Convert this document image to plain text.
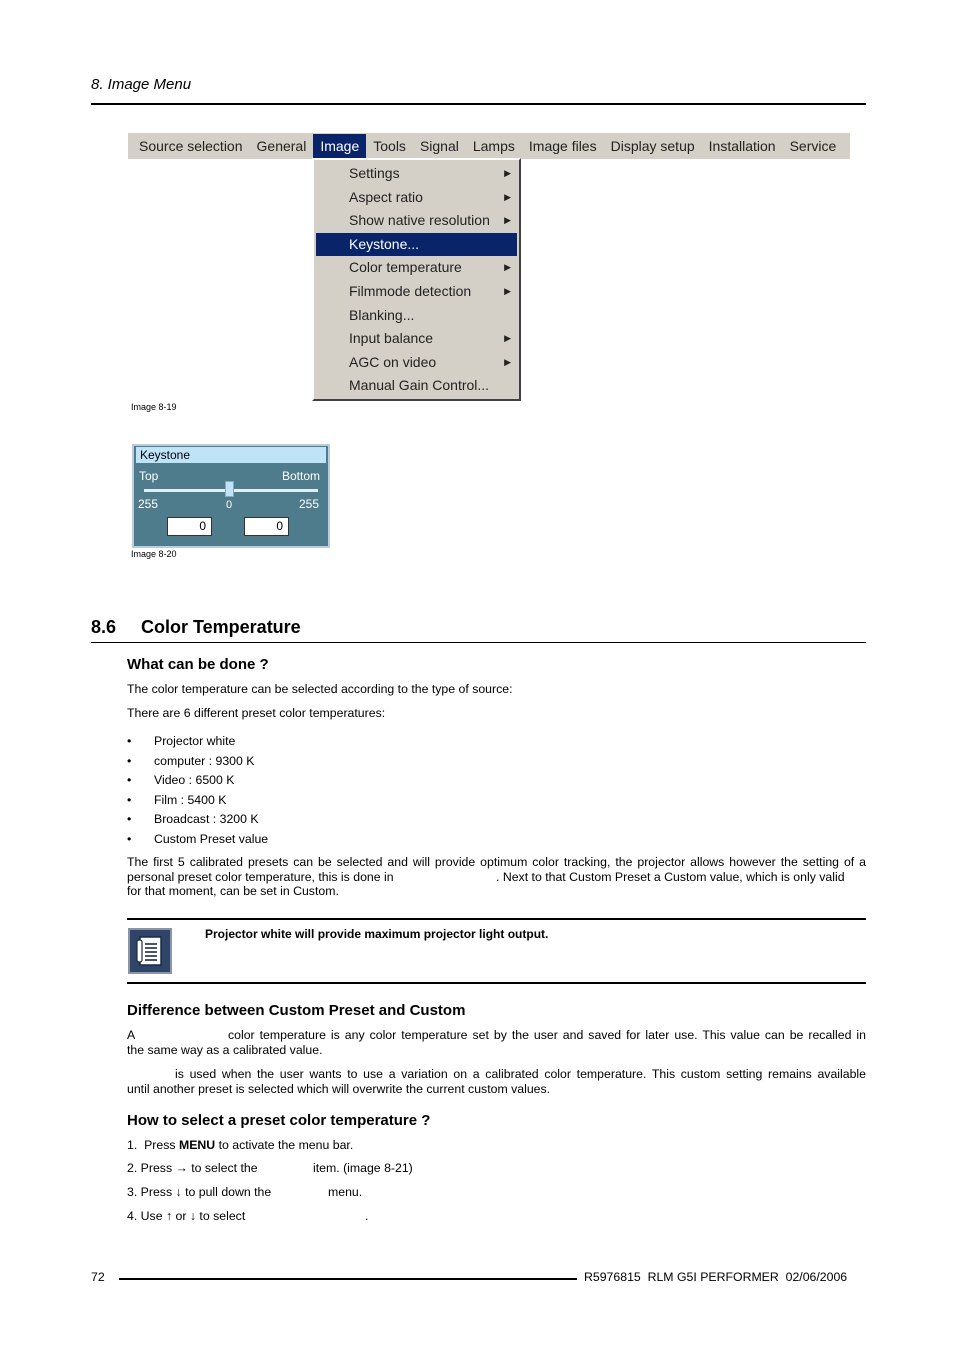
8. Image Menu
Source selection	General	Image	Tools	Signal	Lamps	Image files	Display setup	Installation	Service
Settings	▶
Aspect ratio	▶
Show native resolution ▶
Keystone...
Color temperature	▶
Filmmode detection	▶
Blanking...
Input balance	▶
AGC on video	▶
Manual Gain Control...
Image 8-19
Keystone
Top	Bottom
255	0	255
0	0
Image 8-20
8.6 Color Temperature
What can be done ?
The color temperature can be selected according to the type of source:
There are 6 different preset color temperatures:
• Projector white
• computer : 9300 K
• Video : 6500 K
• Film : 5400 K
• Broadcast : 3200 K
• Custom Preset value
The first 5 calibrated presets can be selected and will provide optimum color tracking, the projector allows however the setting of a
personal preset color temperature, this is done in	. Next to that Custom Preset a Custom value, which is only valid
for that moment, can be set in Custom.
Projector white will provide maximum projector light output.
Difference between Custom Preset and Custom
A	color temperature is any color temperature set by the user and saved for later use. This value can be recalled in
the same way as a calibrated value.
is used when the user wants to use a variation on a calibrated color temperature. This custom setting remains available
until another preset is selected which will overwrite the current custom values.
How to select a preset color temperature ?
1.  Press MENU to activate the menu bar.
2. Press → to select the	item. (image 8-21)
3. Press ↓ to pull down the	menu.
4. Use ↑ or ↓ to select	.
72	R5976815  RLM G5I PERFORMER  02/06/2006
